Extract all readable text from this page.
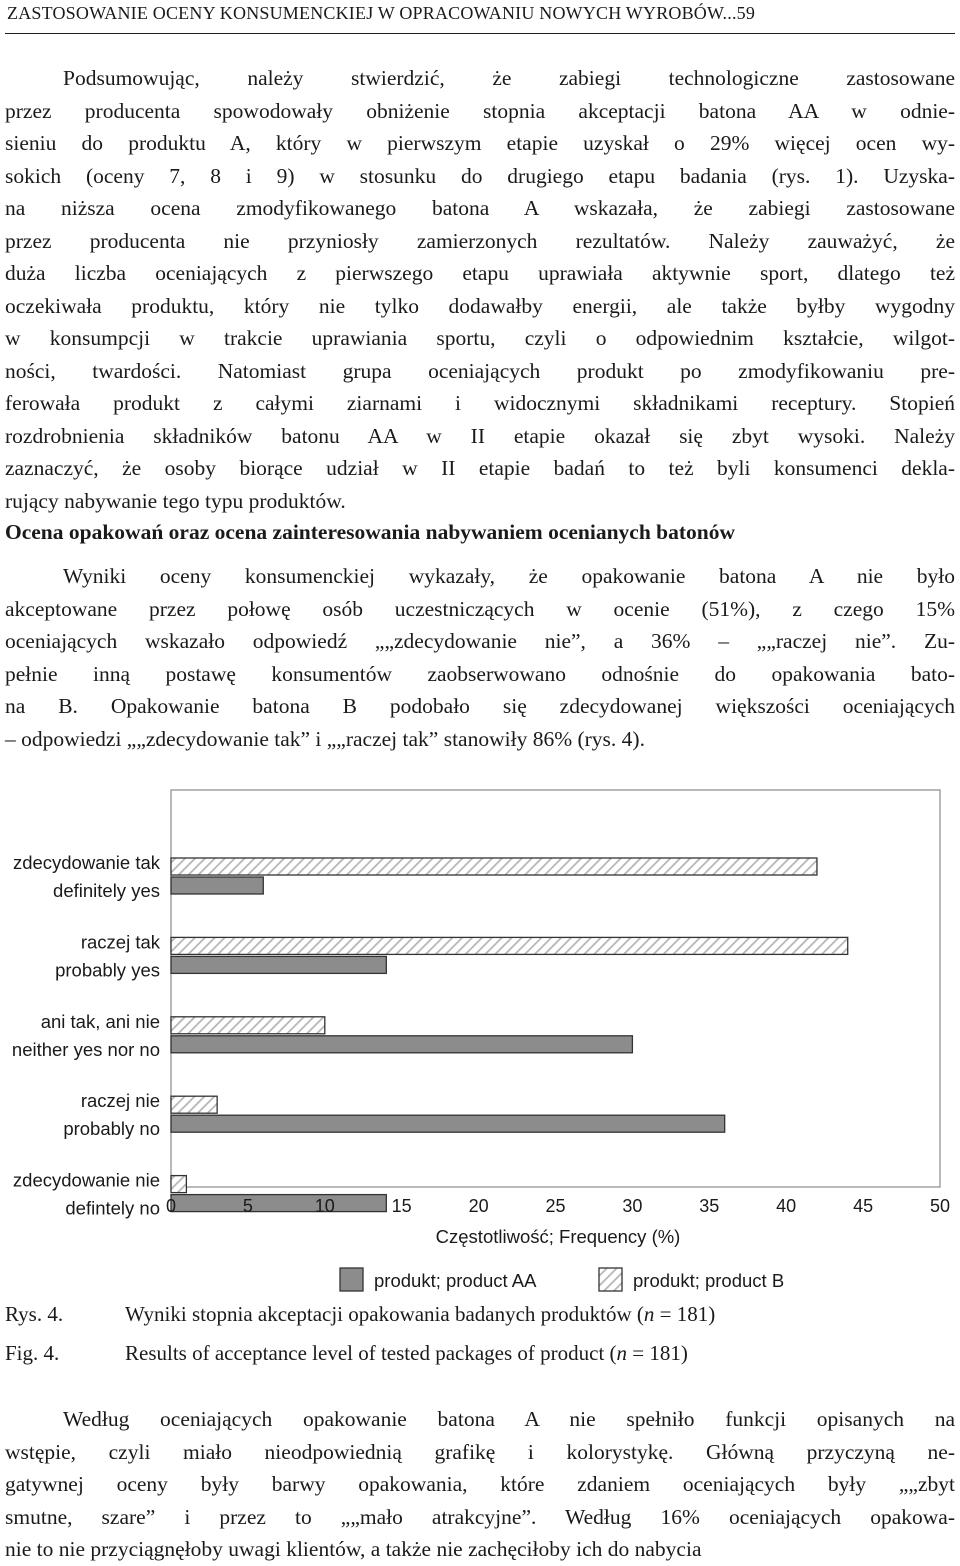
ZASTOSOWANIE OCENY KONSUMENCKIEJ W OPRACOWANIU NOWYCH WYROBÓW...59
Podsumowując, należy stwierdzić, że zabiegi technologiczne zastosowane
przez producenta spowodowały obniżenie stopnia akceptacji batona AA w odnie-
sieniu do produktu A, który w pierwszym etapie uzyskał o 29% więcej ocen wy-
sokich (oceny 7, 8 i 9) w stosunku do drugiego etapu badania (rys. 1). Uzyska-
na niższa ocena zmodyfikowanego batona A wskazała, że zabiegi zastosowane
przez producenta nie przyniosły zamierzonych rezultatów. Należy zauważyć, że
duża liczba oceniających z pierwszego etapu uprawiała aktywnie sport, dlatego też
oczekiwała produktu, który nie tylko dodawałby energii, ale także byłby wygodny
w konsumpcji w trakcie uprawiania sportu, czyli o odpowiednim kształcie, wilgot-
ności, twardości. Natomiast grupa oceniających produkt po zmodyfikowaniu pre-
ferowała produkt z całymi ziarnami i widocznymi składnikami receptury. Stopień
rozdrobnienia składników batonu AA w II etapie okazał się zbyt wysoki. Należy
zaznaczyć, że osoby biorące udział w II etapie badań to też byli konsumenci dekla-
rujący nabywanie tego typu produktów.
Ocena opakowań oraz ocena zainteresowania nabywaniem ocenianych batonów
Wyniki oceny konsumenckiej wykazały, że opakowanie batona A nie było
akceptowane przez połowę osób uczestniczących w ocenie (51%), z czego 15%
oceniających wskazało odpowiedź „„zdecydowanie nie”, a 36% – „„raczej nie”. Zu-
pełnie inną postawę konsumentów zaobserwowano odnośnie do opakowania bato-
na B. Opakowanie batona B podobało się zdecydowanej większości oceniających
– odpowiedzi „„zdecydowanie tak” i „„raczej tak” stanowiły 86% (rys. 4).
zdecydowanie tak
definitely yes
raczej tak
probably yes
ani tak, ani nie
neither yes nor no
raczej nie
probably no
zdecydowanie nie
defintely no 0	5	10	15	20	25	30	35	40	45	50
Częstotliwość; Frequency (%)
produkt; product AA	produkt; product B
Rys. 4.	Wyniki stopnia akceptacji opakowania badanych produktów (n = 181)
Fig. 4.	Results of acceptance level of tested packages of product (n = 181)
Według oceniających opakowanie batona A nie spełniło funkcji opisanych na
wstępie, czyli miało nieodpowiednią grafikę i kolorystykę. Główną przyczyną ne-
gatywnej oceny były barwy opakowania, które zdaniem oceniających były „„zbyt
smutne, szare” i przez to „„mało atrakcyjne”. Według 16% oceniających opakowa-
nie to nie przyciągnęłoby uwagi klientów, a także nie zachęciłoby ich do nabycia
